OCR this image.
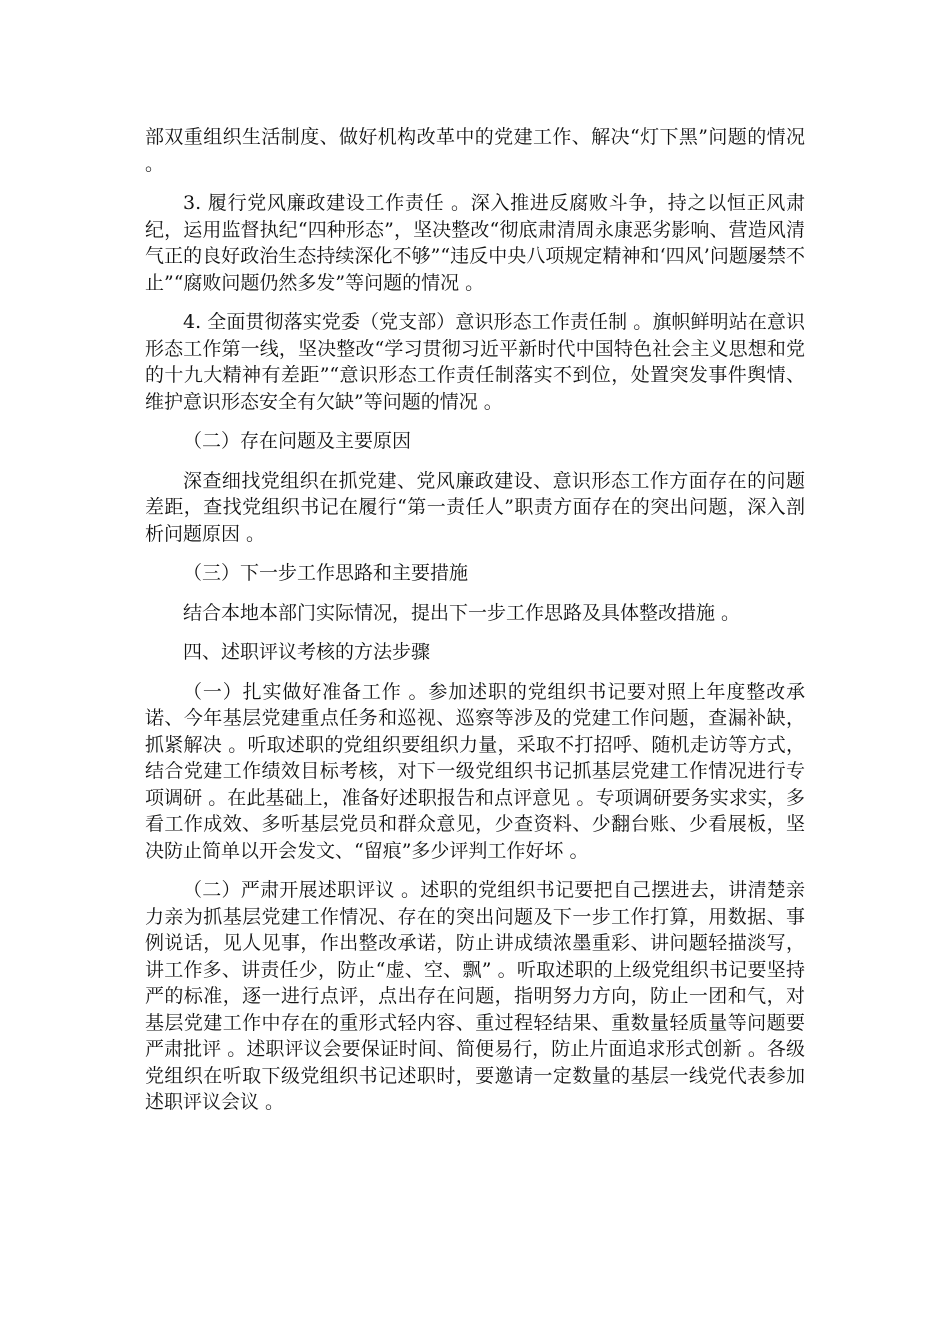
部双重组织生活制度、做好机构改革中的党建工作、解决“灯下黑”问题的情况 。

3. 履行党风廉政建设工作责任 。深入推进反腐败斗争，持之以恒正风肃纪，运用监督执纪“四种形态”，坚决整改“彻底肃清周永康恶劣影响、营造风清气正的良好政治生态持续深化不够”“违反中央八项规定精神和‘四风’问题屡禁不止”“腐败问题仍然多发”等问题的情况 。

4. 全面贯彻落实党委（党支部）意识形态工作责任制 。旗帜鲜明站在意识形态工作第一线，坚决整改“学习贯彻习近平新时代中国特色社会主义思想和党的十九大精神有差距”“意识形态工作责任制落实不到位，处置突发事件舆情、维护意识形态安全有欠缺”等问题的情况 。

（二）存在问题及主要原因

深查细找党组织在抓党建、党风廉政建设、意识形态工作方面存在的问题差距，查找党组织书记在履行“第一责任人”职责方面存在的突出问题，深入剖析问题原因 。

（三）下一步工作思路和主要措施

结合本地本部门实际情况，提出下一步工作思路及具体整改措施 。

四、述职评议考核的方法步骤

（一）扎实做好准备工作 。参加述职的党组织书记要对照上年度整改承诺、今年基层党建重点任务和巡视、巡察等涉及的党建工作问题，查漏补缺，抓紧解决 。听取述职的党组织要组织力量，采取不打招呼、随机走访等方式，结合党建工作绩效目标考核，对下一级党组织书记抓基层党建工作情况进行专项调研 。在此基础上，准备好述职报告和点评意见 。专项调研要务实求实，多看工作成效、多听基层党员和群众意见，少查资料、少翻台账、少看展板，坚决防止简单以开会发文、“留痕”多少评判工作好坏 。

（二）严肃开展述职评议 。述职的党组织书记要把自己摆进去，讲清楚亲力亲为抓基层党建工作情况、存在的突出问题及下一步工作打算，用数据、事例说话，见人见事，作出整改承诺，防止讲成绩浓墨重彩、讲问题轻描淡写，讲工作多、讲责任少，防止“虚、空、飘” 。听取述职的上级党组织书记要坚持严的标准，逐一进行点评，点出存在问题，指明努力方向，防止一团和气，对基层党建工作中存在的重形式轻内容、重过程轻结果、重数量轻质量等问题要严肃批评 。述职评议会要保证时间、简便易行，防止片面追求形式创新 。各级党组织在听取下级党组织书记述职时，要邀请一定数量的基层一线党代表参加述职评议会议 。
